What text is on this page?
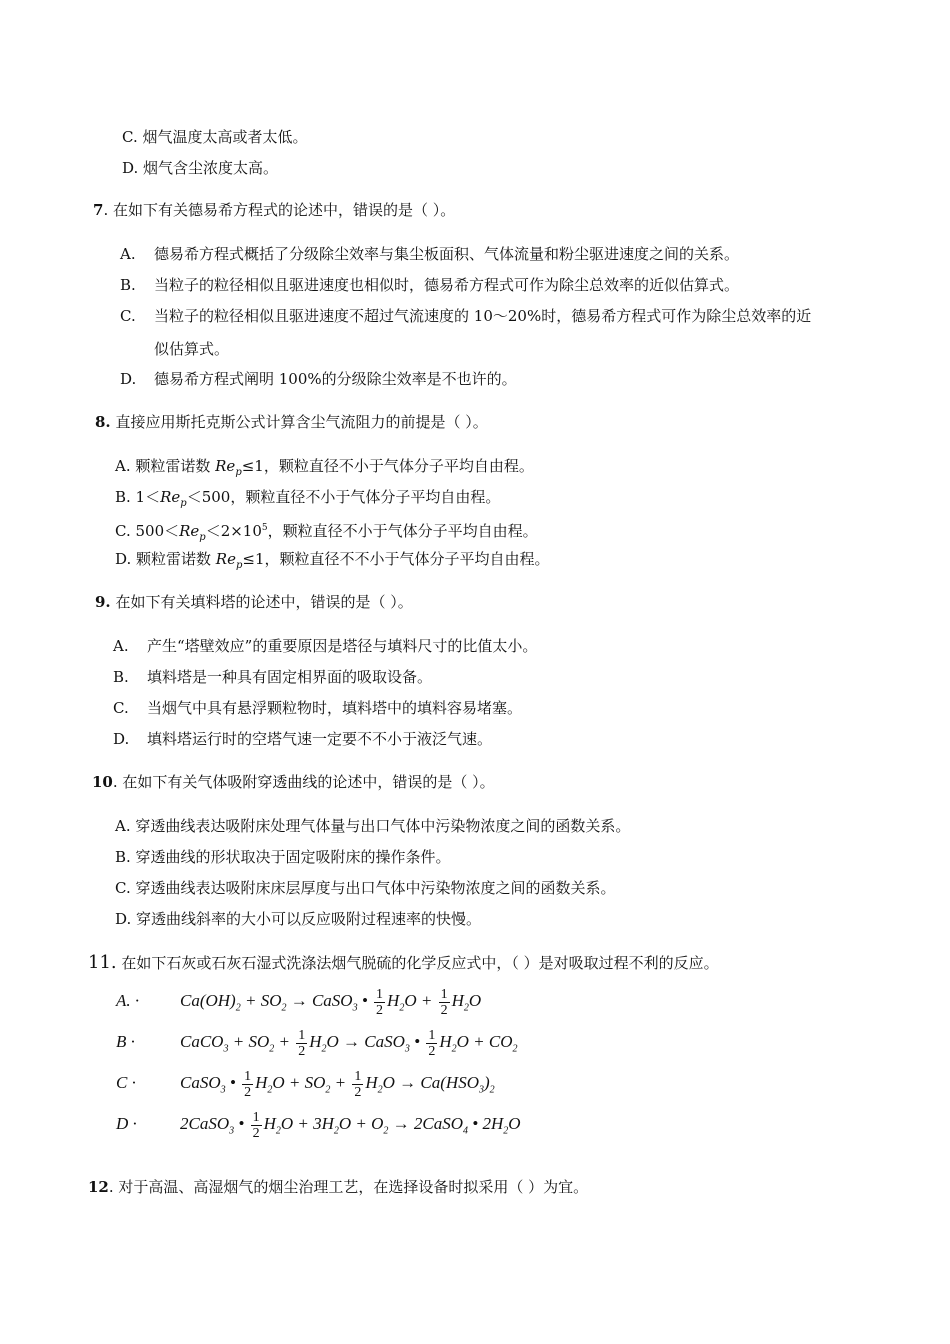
C. 烟气温度太高或者太低。
D. 烟气含尘浓度太高。
7. 在如下有关德易希方程式的论述中，错误的是（ ）。
A. 德易希方程式概括了分级除尘效率与集尘板面积、气体流量和粉尘驱进速度之间的关系。
B. 当粒子的粒径相似且驱进速度也相似时，德易希方程式可作为除尘总效率的近似估算式。
C. 当粒子的粒径相似且驱进速度不超过气流速度的 10～20%时，德易希方程式可作为除尘总效率的近
似估算式。
D. 德易希方程式阐明 100%的分级除尘效率是不也许的。
8. 直接应用斯托克斯公式计算含尘气流阻力的前提是（ ）。
A. 颗粒雷诺数 $Re_p\le 1$，颗粒直径不小于气体分子平均自由程。
B. $1<Re_p<500$，颗粒直径不小于气体分子平均自由程。
C. $500<Re_p<2\times 10^5$，颗粒直径不小于气体分子平均自由程。
D. 颗粒雷诺数 $Re_p\le 1$，颗粒直径不不小于气体分子平均自由程。
9. 在如下有关填料塔的论述中，错误的是（ ）。
A. 产生“塔壁效应”的重要原因是塔径与填料尺寸的比值太小。
B. 填料塔是一种具有固定相界面的吸取设备。
C. 当烟气中具有悬浮颗粒物时，填料塔中的填料容易堵塞。
D. 填料塔运行时的空塔气速一定要不不小于液泛气速。
10. 在如下有关气体吸附穿透曲线的论述中，错误的是（ ）。
A. 穿透曲线表达吸附床处理气体量与出口气体中污染物浓度之间的函数关系。
B. 穿透曲线的形状取决于固定吸附床的操作条件。
C. 穿透曲线表达吸附床床层厚度与出口气体中污染物浓度之间的函数关系。
D. 穿透曲线斜率的大小可以反应吸附过程速率的快慢。
11. 在如下石灰或石灰石湿式洗涤法烟气脱硫的化学反应式中，（ ）是对吸取过程不利的反应。
A. · $Ca(OH)_2 + SO_2$ → CaSO$_3$ • $\frac{1}{2} H_2O + \frac{1}{2} H_2O$
B ·	CaCO$_3$ + $SO_2 + \frac{1}{2} H_2O$ → CaSO$_3$ • $\frac{1}{2} H_2O + CO_2$
C ·	CaSO$_3$ • $\frac{1}{2} H_2O + SO_2 + \frac{1}{2} H_2O \to Ca(HSO_3)_2$
D ·	2CaSO$_3$ • $\frac{1}{2} H_2O + 3H_2O + O_2$ → 2CaSO$_4$ • $2H_2O$
12. 对于高温、高湿烟气的烟尘治理工艺，在选择设备时拟采用（ ）为宜。
